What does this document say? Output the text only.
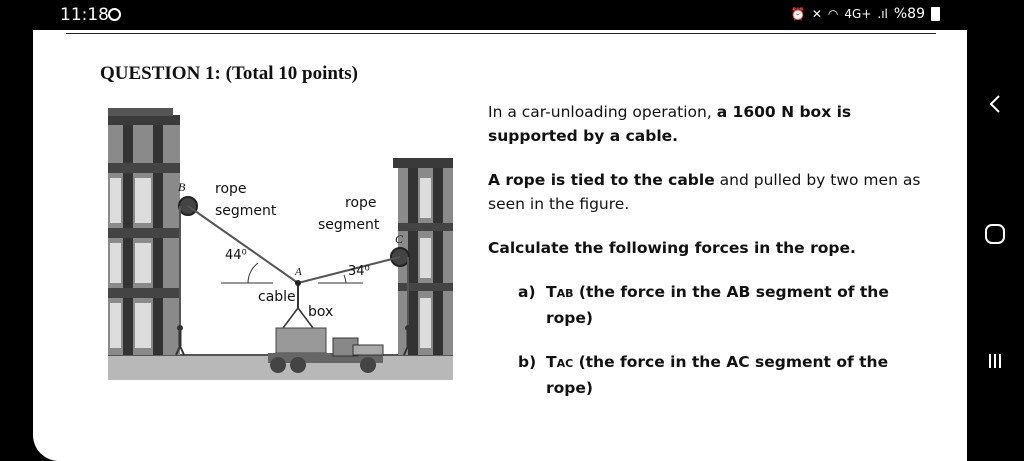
11:18	⏰ ✕ ◠ 4G+ .ıl %89
QUESTION 1: (Total 10 points)
B
C
A
rope
segment	rope
segment
44⁰
34⁰
cable
box

In a car-unloading operation, a 1600 N box is supported by a cable.

A rope is tied to the cable and pulled by two men as seen in the figure.

Calculate the following forces in the rope.

a) TAB (the force in the AB segment of the rope)
b) TAC (the force in the AC segment of the rope)
